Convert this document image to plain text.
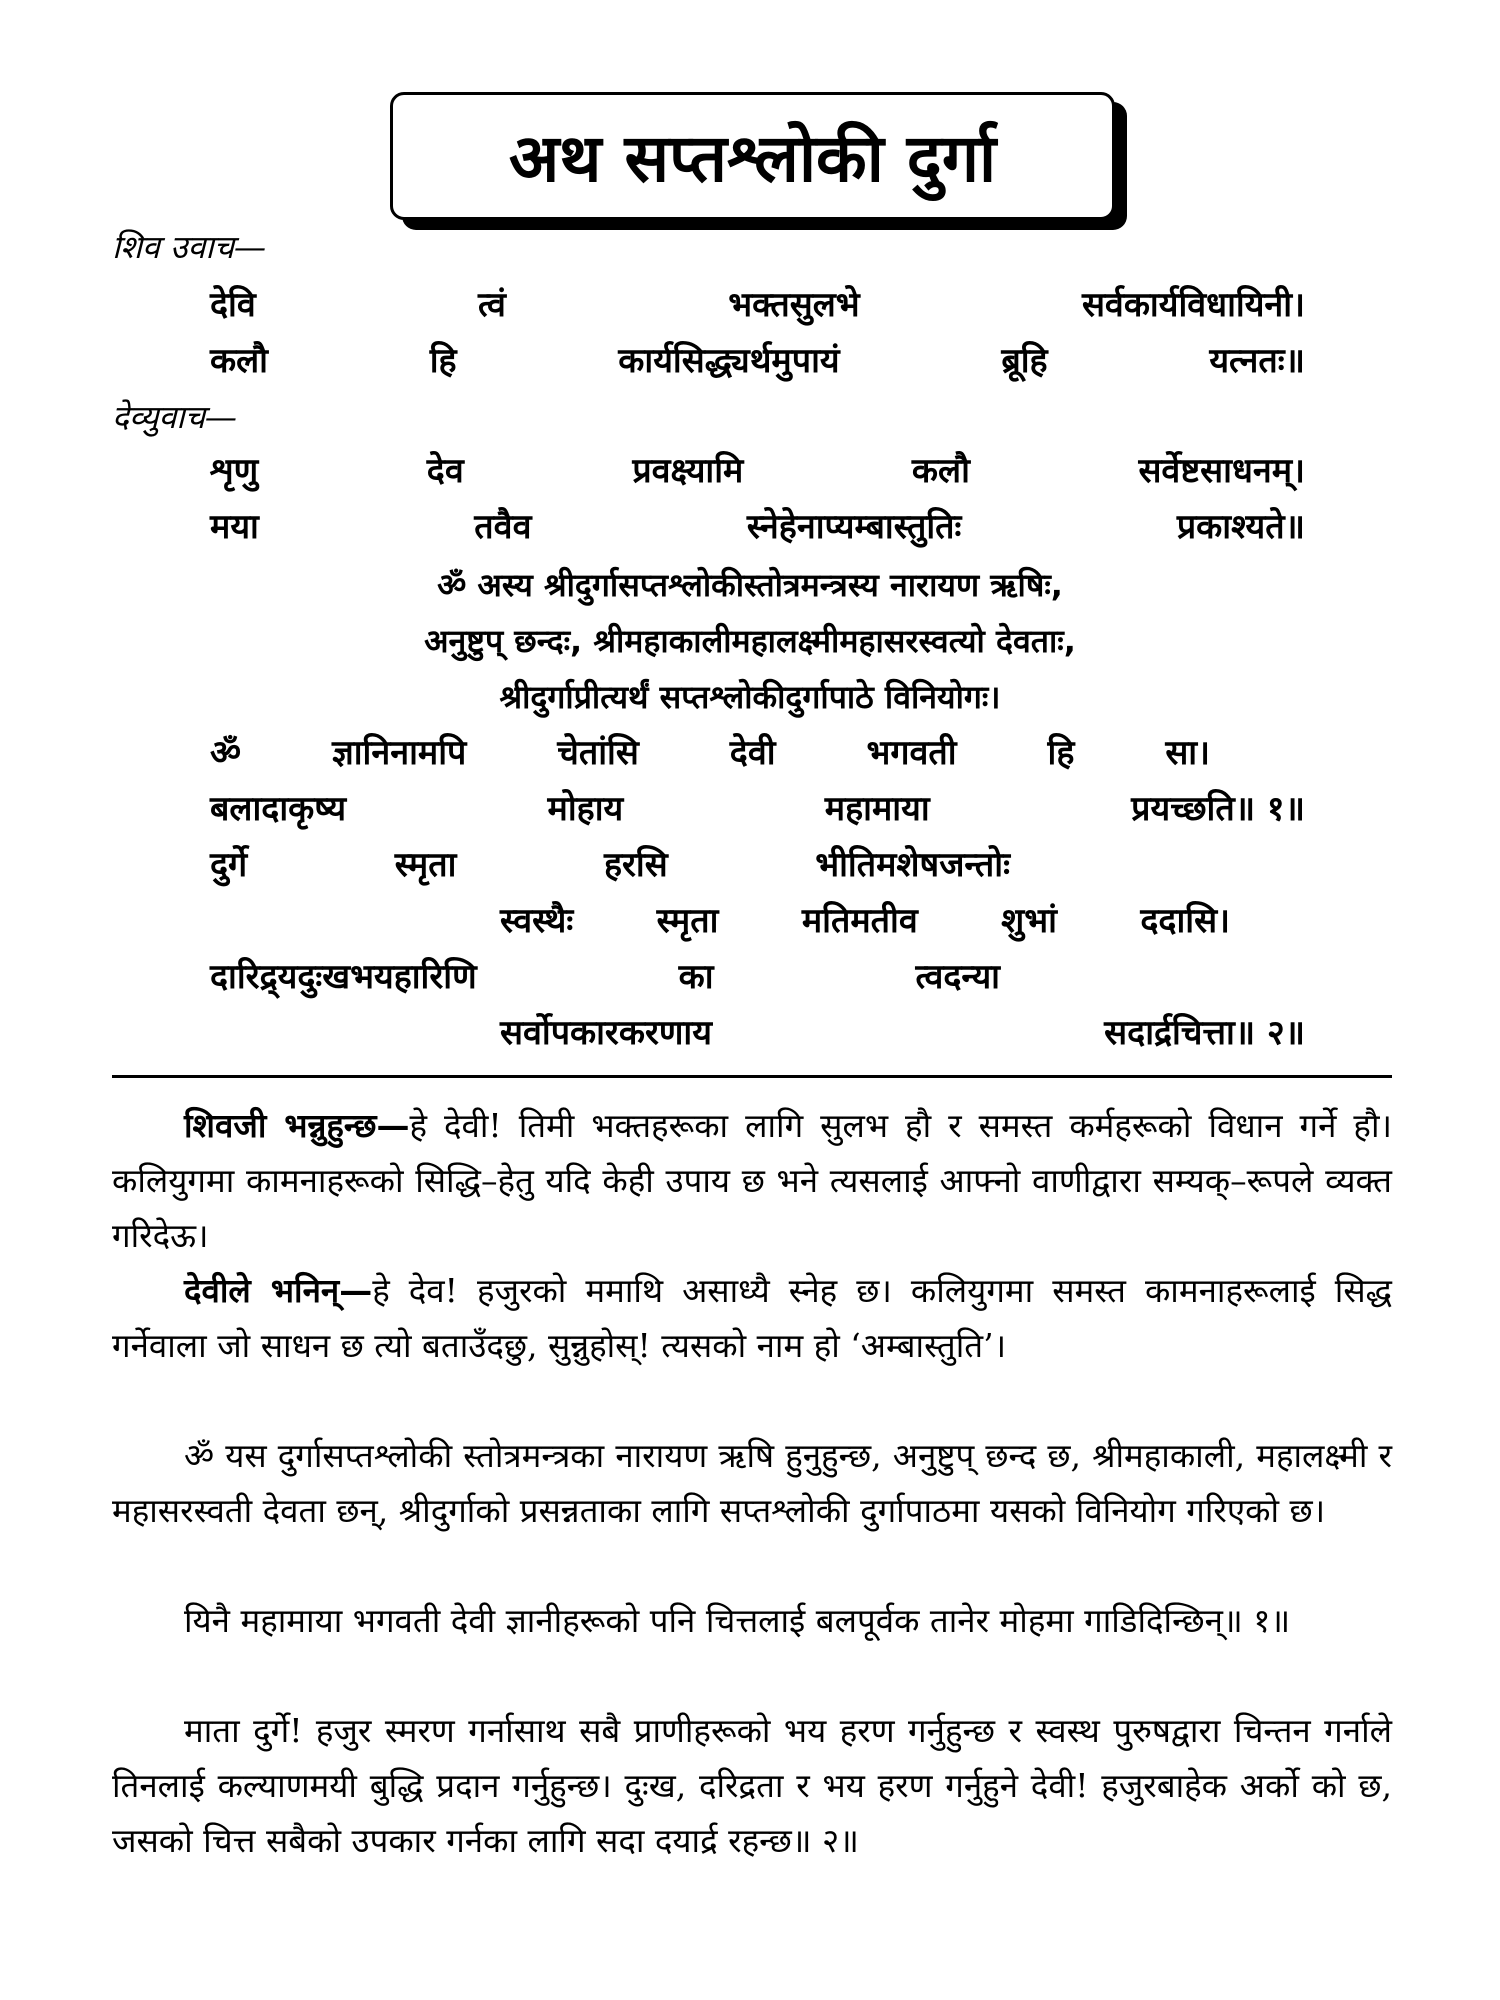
अथ सप्तश्लोकी दुर्गा
शिव उवाच—
देवि	त्वं	भक्तसुलभे	सर्वकार्यविधायिनी।
कलौ	हि	कार्यसिद्ध्यर्थमुपायं	ब्रूहि	यत्नतः॥
देव्युवाच—
शृणु	देव	प्रवक्ष्यामि	कलौ	सर्वेष्टसाधनम्।
मया	तवैव	स्नेहेनाप्यम्बास्तुतिः	प्रकाश्यते॥
ॐ अस्य श्रीदुर्गासप्तश्लोकीस्तोत्रमन्त्रस्य नारायण ऋषिः,
अनुष्टुप् छन्दः, श्रीमहाकालीमहालक्ष्मीमहासरस्वत्यो देवताः,
श्रीदुर्गाप्रीत्यर्थं सप्तश्लोकीदुर्गापाठे विनियोगः।
ॐ	ज्ञानिनामपि	चेतांसि	देवी	भगवती	हि	सा।
बलादाकृष्य	मोहाय	महामाया	प्रयच्छति॥ १॥
दुर्गे	स्मृता	हरसि	भीतिमशेषजन्तोः
स्वस्थैः स्मृता मतिमतीव शुभां ददासि।
दारिद्र्यदुःखभयहारिणि	का	त्वदन्या
सर्वोपकारकरणाय	सदार्द्रचित्ता॥ २॥

शिवजी भन्नुहुन्छ—हे देवी! तिमी भक्तहरूका लागि सुलभ हौ र समस्त कर्महरूको विधान गर्ने हौ। कलियुगमा कामनाहरूको सिद्धि–हेतु यदि केही उपाय छ भने त्यसलाई आफ्नो वाणीद्वारा सम्यक्–रूपले व्यक्त गरिदेऊ।

देवीले भनिन्—हे देव! हजुरको ममाथि असाध्यै स्नेह छ। कलियुगमा समस्त कामनाहरूलाई सिद्ध गर्नेवाला जो साधन छ त्यो बताउँदछु, सुन्नुहोस्! त्यसको नाम हो ‘अम्बास्तुति’।

ॐ यस दुर्गासप्तश्लोकी स्तोत्रमन्त्रका नारायण ऋषि हुनुहुन्छ, अनुष्टुप् छन्द छ, श्रीमहाकाली, महालक्ष्मी र महासरस्वती देवता छन्, श्रीदुर्गाको प्रसन्नताका लागि सप्तश्लोकी दुर्गापाठमा यसको विनियोग गरिएको छ।

यिनै महामाया भगवती देवी ज्ञानीहरूको पनि चित्तलाई बलपूर्वक तानेर मोहमा गाडिदिन्छिन्॥ १॥

माता दुर्गे! हजुर स्मरण गर्नासाथ सबै प्राणीहरूको भय हरण गर्नुहुन्छ र स्वस्थ पुरुषद्वारा चिन्तन गर्नाले तिनलाई कल्याणमयी बुद्धि प्रदान गर्नुहुन्छ। दुःख, दरिद्रता र भय हरण गर्नुहुने देवी! हजुरबाहेक अर्को को छ, जसको चित्त सबैको उपकार गर्नका लागि सदा दयार्द्र रहन्छ॥ २॥
